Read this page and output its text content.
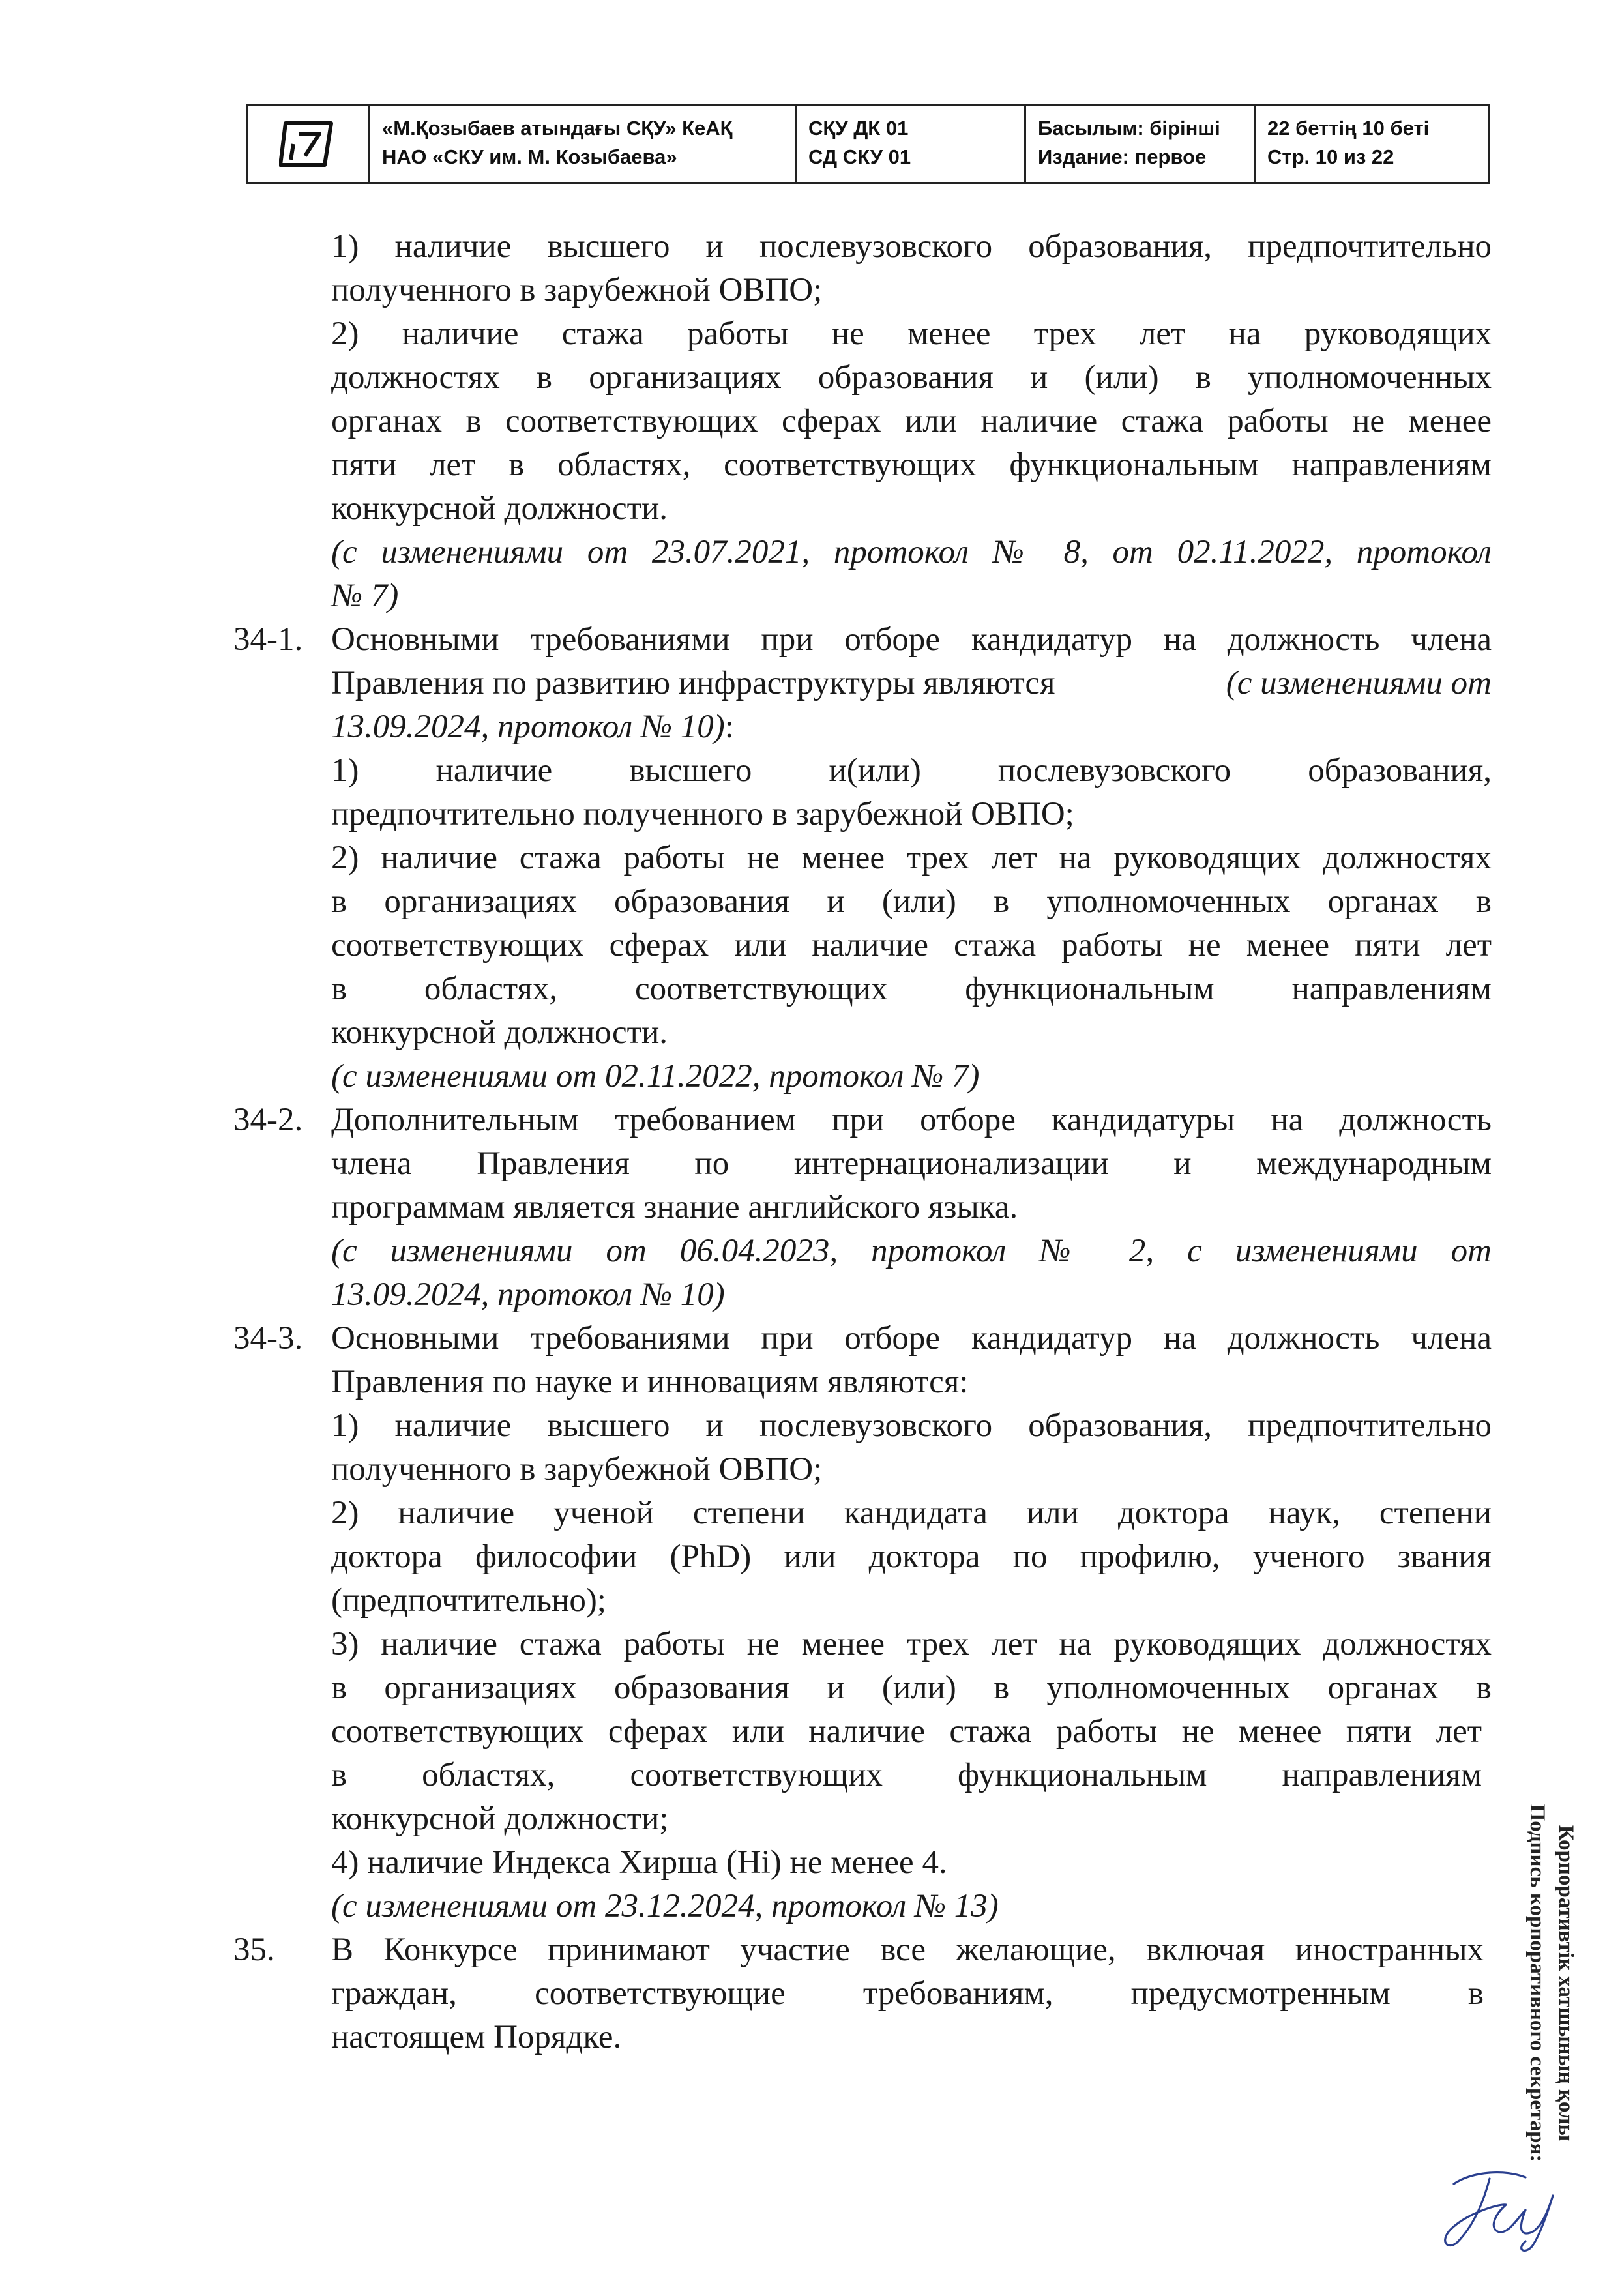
«М.Қозыбаев атындағы СҚУ» КеАҚ
НАО «СКУ им. М. Козыбаева»
СҚУ ДК 01
СД СКУ 01
Басылым: бірінші
Издание: первое
22 беттің 10 беті
Стр. 10 из 22
1) наличие высшего и послевузовского образования, предпочтительно
полученного в зарубежной ОВПО;
2) наличие стажа работы не менее трех лет на руководящих
должностях в организациях образования и (или) в уполномоченных
органах в соответствующих сферах или наличие стажа работы не менее
пяти лет в областях, соответствующих функциональным направлениям
конкурсной должности.
(с изменениями от 23.07.2021, протокол № 8, от 02.11.2022, протокол
№ 7)
Основными требованиями при отборе кандидатур на должность члена
Правления по развитию инфраструктуры являются	(с изменениями от
13.09.2024, протокол № 10):
1) наличие высшего и(или) послевузовского образования,
предпочтительно полученного в зарубежной ОВПО;
2) наличие стажа работы не менее трех лет на руководящих должностях
в организациях образования и (или) в уполномоченных органах в
соответствующих сферах или наличие стажа работы не менее пяти лет
в областях, соответствующих функциональным направлениям
конкурсной должности.
(с изменениями от 02.11.2022, протокол № 7)
Дополнительным требованием при отборе кандидатуры на должность
члена Правления по интернационализации и международным
программам является знание английского языка.
(с изменениями от 06.04.2023, протокол № 2, с изменениями от
13.09.2024, протокол № 10)
Основными требованиями при отборе кандидатур на должность члена
Правления по науке и инновациям являются:
1) наличие высшего и послевузовского образования, предпочтительно
полученного в зарубежной ОВПО;
2) наличие ученой степени кандидата или доктора наук, степени
доктора философии (PhD) или доктора по профилю, ученого звания
(предпочтительно);
3) наличие стажа работы не менее трех лет на руководящих должностях
в организациях образования и (или) в уполномоченных органах в
соответствующих сферах или наличие стажа работы не менее пяти лет
в областях, соответствующих функциональным направлениям
конкурсной должности;
4) наличие Индекса Хирша (Hi) не менее 4.
(с изменениями от 23.12.2024, протокол № 13)
В Конкурсе принимают участие все желающие, включая иностранных
граждан, соответствующие требованиям, предусмотренным в
настоящем Порядке.
34-1.
34-2.
34-3.
35.	Корпоративтік хатшының қолы
Подпись корпоративного секретаря:
